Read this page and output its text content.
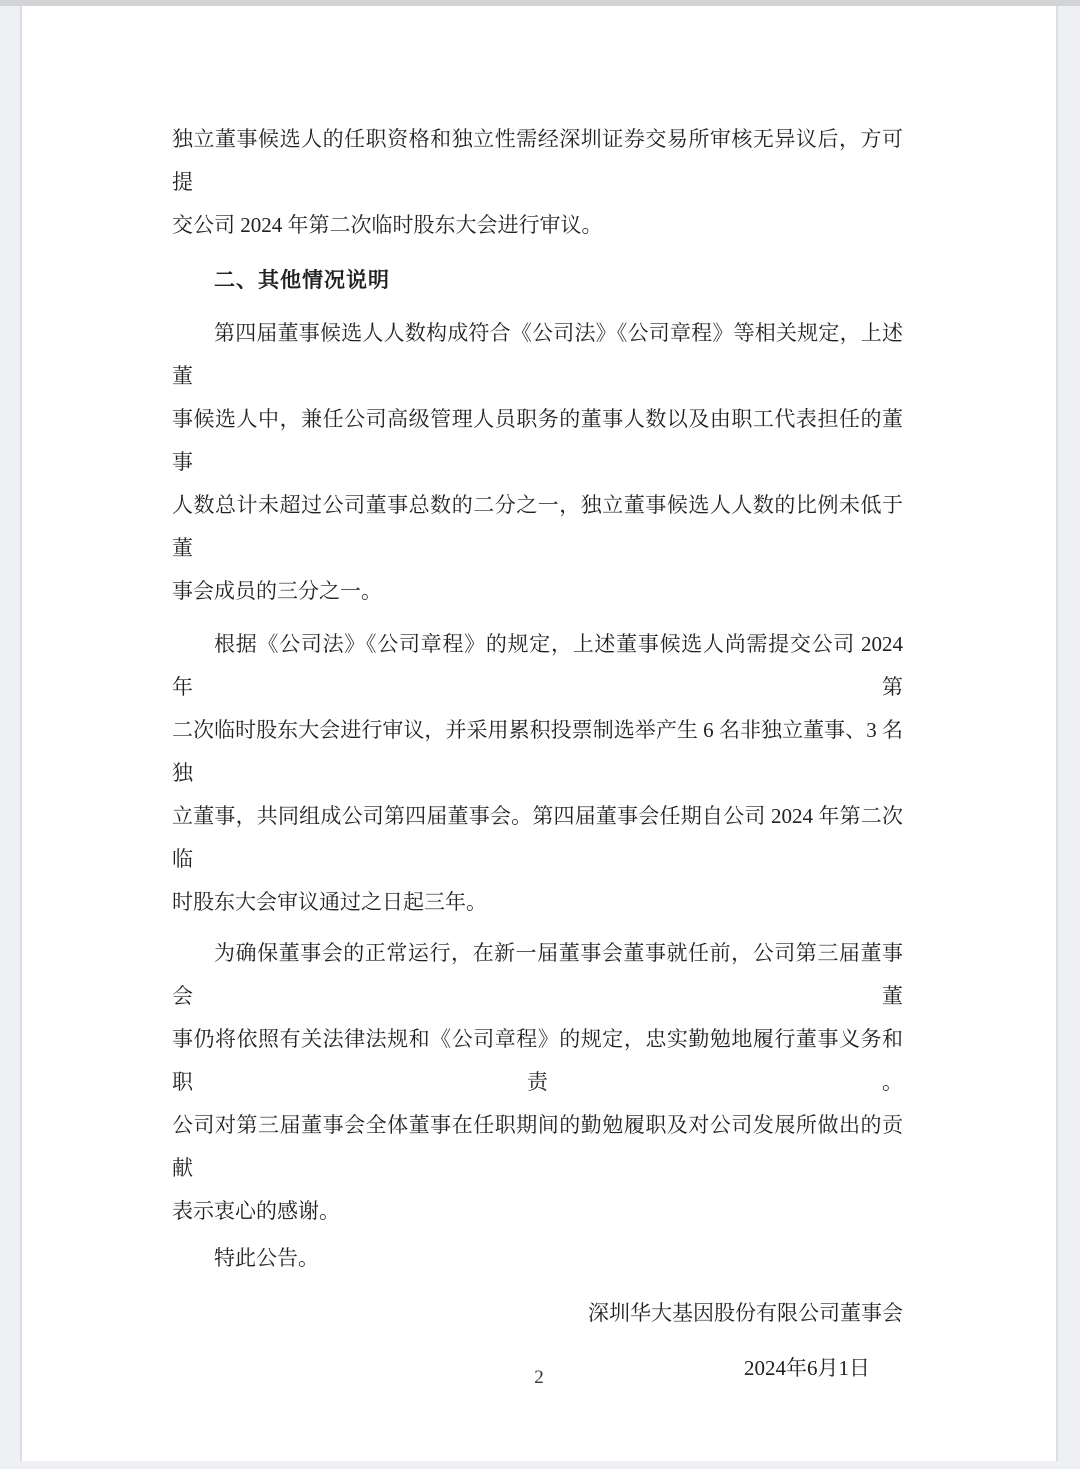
独立董事候选人的任职资格和独立性需经深圳证券交易所审核无异议后，方可提
交公司 2024 年第二次临时股东大会进行审议。
二、其他情况说明
第四届董事候选人人数构成符合《公司法》《公司章程》等相关规定，上述董
事候选人中，兼任公司高级管理人员职务的董事人数以及由职工代表担任的董事
人数总计未超过公司董事总数的二分之一，独立董事候选人人数的比例未低于董
事会成员的三分之一。
根据《公司法》《公司章程》的规定，上述董事候选人尚需提交公司 2024 年第
二次临时股东大会进行审议，并采用累积投票制选举产生 6 名非独立董事、3 名独
立董事，共同组成公司第四届董事会。第四届董事会任期自公司 2024 年第二次临
时股东大会审议通过之日起三年。
为确保董事会的正常运行，在新一届董事会董事就任前，公司第三届董事会董
事仍将依照有关法律法规和《公司章程》的规定，忠实勤勉地履行董事义务和职责。
公司对第三届董事会全体董事在任职期间的勤勉履职及对公司发展所做出的贡献
表示衷心的感谢。
特此公告。
深圳华大基因股份有限公司董事会
2024年6月1日
2
